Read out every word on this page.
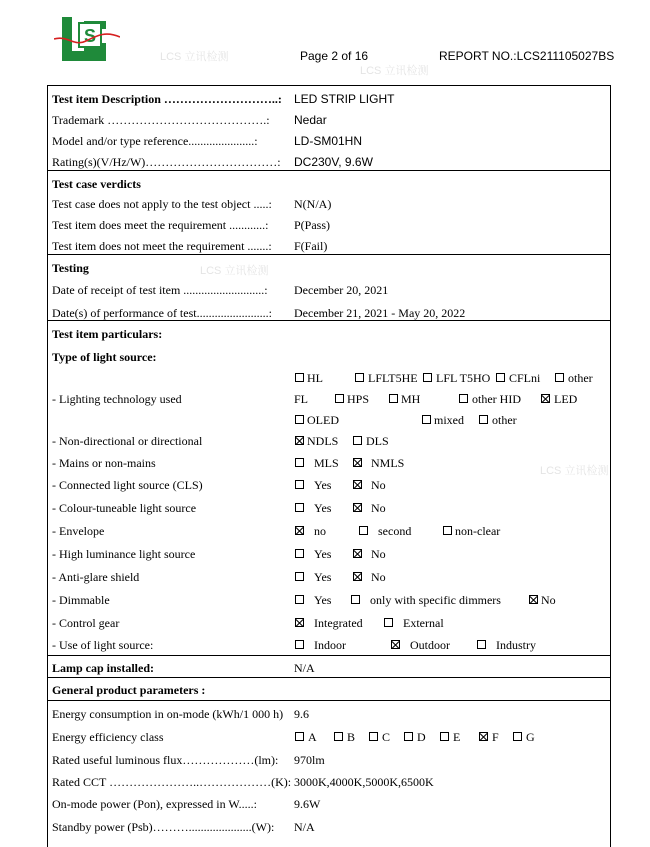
LCS 立讯检测
LCS 立讯检测
LCS 立讯检测
LCS 立讯检测
S
Page 2 of 16	REPORT NO.:LCS211105027BS
Test item Description ………………………..: LED STRIP LIGHT
Trademark ………………………………….: Nedar
Model and/or type reference......................:	LD-SM01HN
Rating(s)(V/Hz/W)……………………………: DC230V, 9.6W
Test case verdicts
Test case does not apply to the test object .....: N(N/A)
Test item does meet the requirement ............: P(Pass)
Test item does not meet the requirement .......: F(Fail)
Testing
Date of receipt of test item ...........................: December 20, 2021
Date(s) of performance of test........................: December 21, 2021 - May 20, 2022
Test item particulars:
Type of light source:
- Lighting technology used
HL	LFLT5HE LFL T5HO CFLni other
FL	HPS	MH	other HID	LED
OLED	mixed other
- Non-directional or directional	NDLS DLS
- Mains or non-mains	MLS	NMLS
- Connected light source (CLS)	Yes	No
- Colour-tuneable light source	Yes	No
- Envelope	no	second	non-clear
- High luminance light source	Yes	No
- Anti-glare shield	Yes	No
- Dimmable	Yes	only with specific dimmers	No
- Control gear	Integrated	External
- Use of light source:	Indoor	Outdoor	Industry
Lamp cap installed:	N/A
General product parameters :
Energy consumption in on-mode (kWh/1 000 h) 9.6
Energy efficiency class	A	B C D E	F G
Rated useful luminous flux………………(lm): 970lm
Rated CCT …………………..………………(K): 3000K,4000K,5000K,6500K
On-mode power (Pon), expressed in W.....:	9.6W
Standby power (Psb)……….....................(W): N/A
